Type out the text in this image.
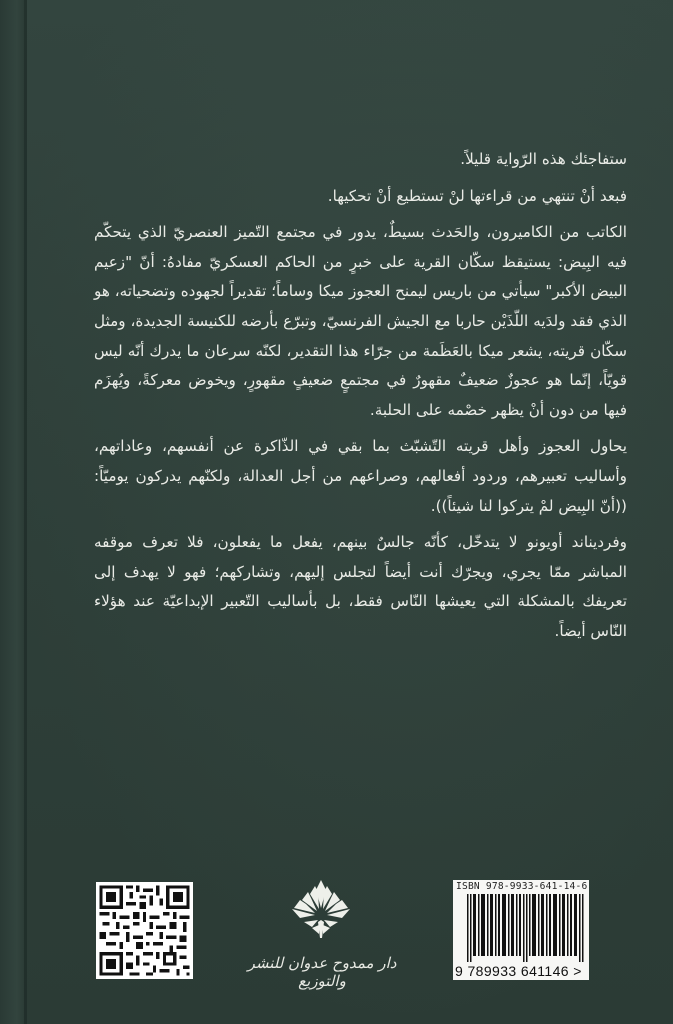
ستفاجئك هذه الرّواية قليلاً.

فبعد أنْ تنتهي من قراءتها لنْ تستطيع أنْ تحكيها.

الكاتب من الكاميرون، والحَدث بسيطٌ، يدور في مجتمع التّميز العنصريّ الذي يتحكّم فيه البِيض: يستيقظ سكّان القرية على خبرٍ من الحاكم العسكريّ مفادهُ: أنّ "زعيم البيض الأكبر" سيأتي من باريس ليمنح العجوز ميكا وساماً؛ تقديراً لجهوده وتضحياته، هو الذي فقد ولدَيه اللّذَيْن حاربا مع الجيش الفرنسيّ، وتبرّع بأرضه للكنيسة الجديدة، ومثل سكّان قريته، يشعر ميكا بالعَظَمة من جرّاء هذا التقدير، لكنّه سرعان ما يدرك أنّه ليس قويّاً، إنّما هو عجوزٌ ضعيفٌ مقهورٌ في مجتمعٍ ضعيفٍ مقهورٍ، ويخوض معركةً، ويُهزَم فيها من دون أنْ يظهر خصْمه على الحلبة.

يحاول العجوز وأهل قريته التّشبّث بما بقي في الذّاكرة عن أنفسهم، وعاداتهم، وأساليب تعبيرهم، وردود أفعالهم، وصراعهم من أجل العدالة، ولكنّهم يدركون يوميّاً: ((أنّ البِيض لمْ يتركوا لنا شيئاً)).

وفرديناند أويونو لا يتدخّل، كأنّه جالسٌ بينهم، يفعل ما يفعلون، فلا تعرف موقفه المباشر ممّا يجري، ويجرّك أنت أيضاً لتجلس إليهم، وتشاركهم؛ فهو لا يهدف إلى تعريفك بالمشكلة التي يعيشها النّاس فقط، بل بأساليب التّعبير الإبداعيّة عند هؤلاء النّاس أيضاً.

دار ممدوح عدوان للنشر والتوزيع
ISBN 978-9933-641-14-6
9 789933 641146 >
